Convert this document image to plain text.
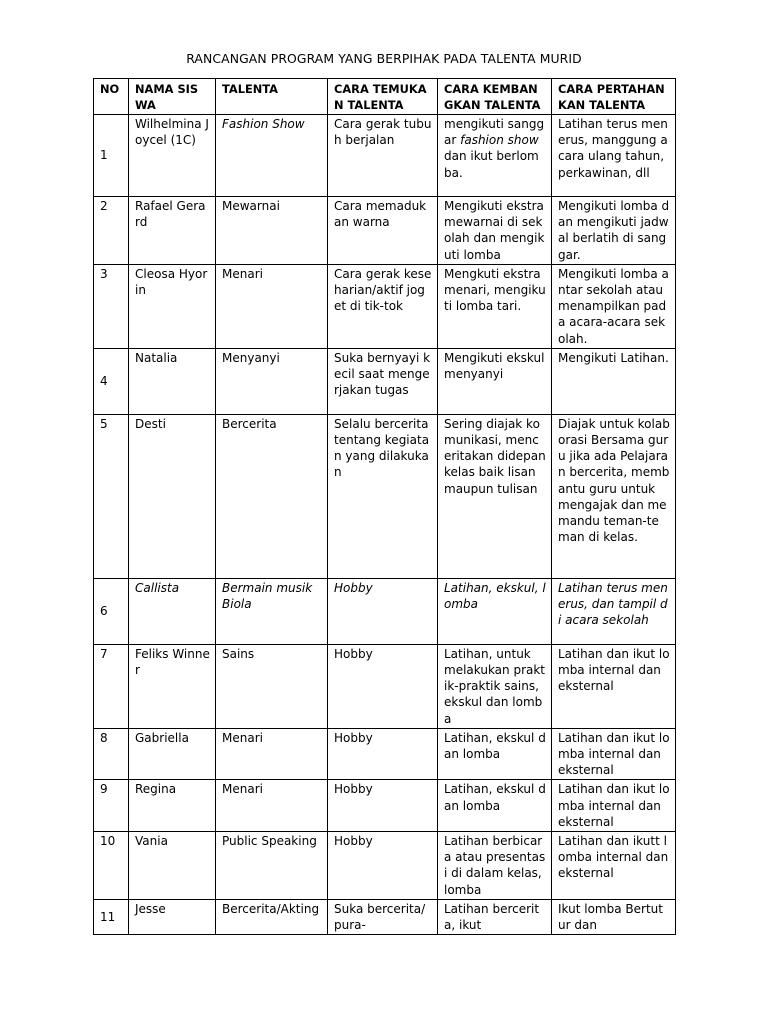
RANCANGAN PROGRAM YANG BERPIHAK PADA TALENTA MURID
NO	NAMA SISWA	TALENTA	CARA TEMUKAN TALENTA	CARA KEMBANGKAN TALENTA	CARA PERTAHANKAN TALENTA
1	Wilhelmina Joycel (1C)	Fashion Show	Cara gerak tubuh berjalan	mengikuti sanggar fashion show dan ikut berlomba.	Latihan terus menerus, manggung acara ulang tahun, perkawinan, dll
2	Rafael Gerard	Mewarnai	Cara memadukan warna	Mengikuti ekstra mewarnai di sekolah dan mengikuti lomba	Mengikuti lomba dan mengikuti jadwal berlatih di sanggar.
3	Cleosa Hyorin	Menari	Cara gerak keseharian/aktif joget di tik-tok	Mengkuti ekstra menari, mengikuti lomba tari.	Mengikuti lomba antar sekolah atau menampilkan pada acara-acara sekolah.
4	Natalia	Menyanyi	Suka bernyayi kecil saat mengerjakan tugas	Mengikuti ekskul menyanyi	Mengikuti Latihan.
5	Desti	Bercerita	Selalu bercerita tentang kegiatan yang dilakukan	Sering diajak komunikasi, menceritakan didepan kelas baik lisan maupun tulisan	Diajak untuk kolaborasi Bersama guru jika ada Pelajaran bercerita, membantu guru untuk mengajak dan memandu teman-teman di kelas.
6	Callista	Bermain musik Biola	Hobby	Latihan, ekskul, lomba	Latihan terus menerus, dan tampil di acara sekolah
7	Feliks Winner	Sains	Hobby	Latihan, untuk melakukan praktik-praktik sains, ekskul dan lomba	Latihan dan ikut lomba internal dan eksternal
8	Gabriella	Menari	Hobby	Latihan, ekskul dan lomba	Latihan dan ikut lomba internal dan eksternal
9	Regina	Menari	Hobby	Latihan, ekskul dan lomba	Latihan dan ikut lomba internal dan eksternal
10	Vania	Public Speaking	Hobby	Latihan berbicara atau presentasi di dalam kelas, lomba	Latihan dan ikutt lomba internal dan eksternal
11	Jesse	Bercerita/Akting	Suka bercerita/pura-	Latihan bercerita, ikut	Ikut lomba Bertutur dan
